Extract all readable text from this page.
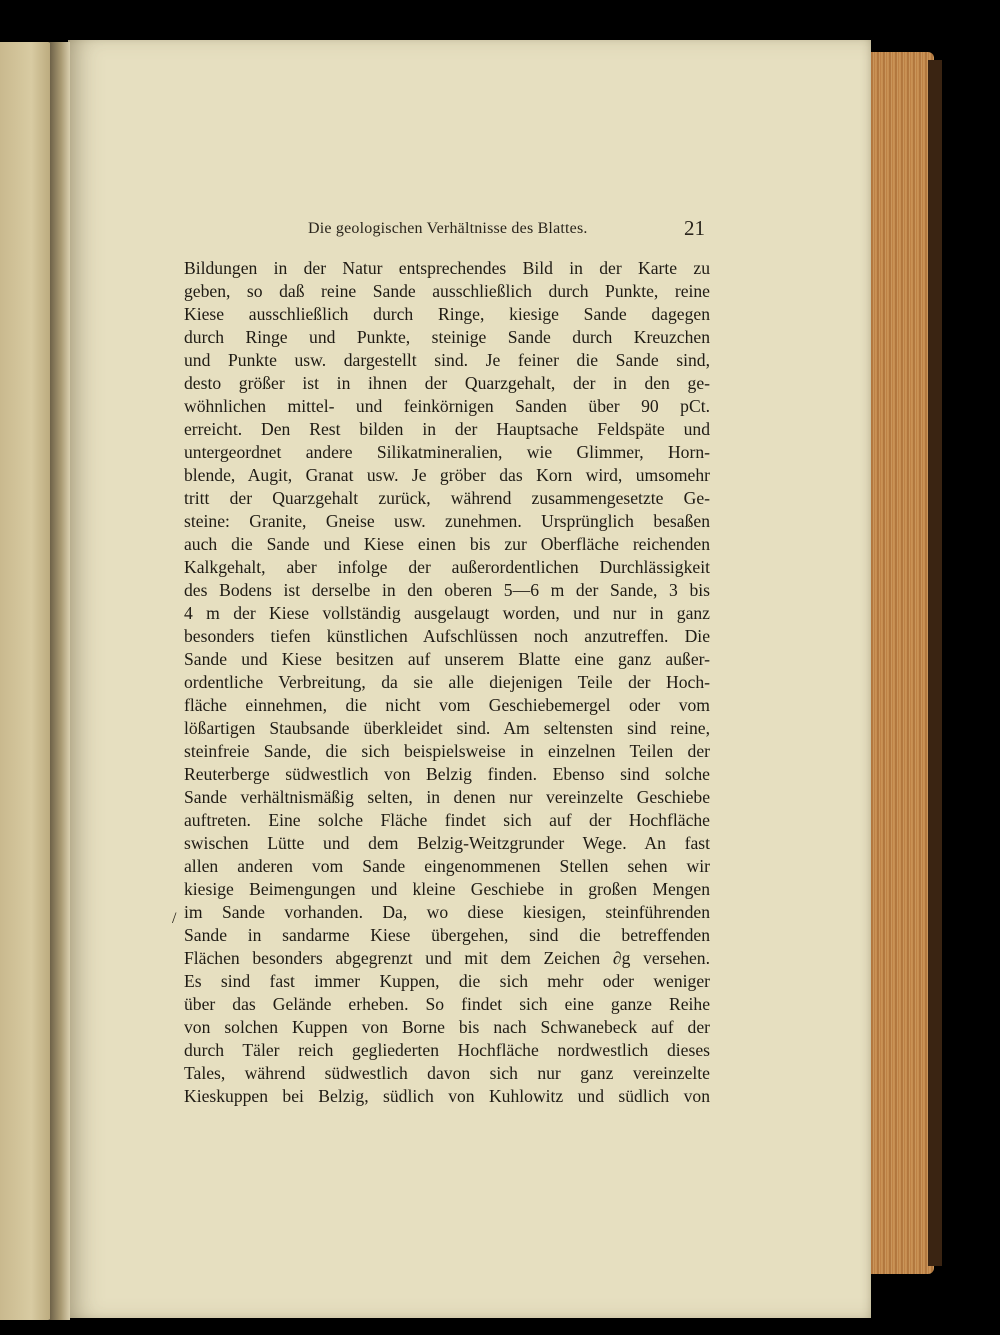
Die geologischen Verhältnisse des Blattes.	21
/
Bildungen in der Natur entsprechendes Bild in der Karte zu
geben, so daß reine Sande ausschließlich durch Punkte, reine
Kiese ausschließlich durch Ringe, kiesige Sande dagegen
durch Ringe und Punkte, steinige Sande durch Kreuzchen
und Punkte usw. dargestellt sind. Je feiner die Sande sind,
desto größer ist in ihnen der Quarzgehalt, der in den ge-
wöhnlichen mittel- und feinkörnigen Sanden über 90 pCt.
erreicht. Den Rest bilden in der Hauptsache Feldspäte und
untergeordnet andere Silikatmineralien, wie Glimmer, Horn-
blende, Augit, Granat usw. Je gröber das Korn wird, umsomehr
tritt der Quarzgehalt zurück, während zusammengesetzte Ge-
steine: Granite, Gneise usw. zunehmen. Ursprünglich besaßen
auch die Sande und Kiese einen bis zur Oberfläche reichenden
Kalkgehalt, aber infolge der außerordentlichen Durchlässigkeit
des Bodens ist derselbe in den oberen 5—6 m der Sande, 3 bis
4 m der Kiese vollständig ausgelaugt worden, und nur in ganz
besonders tiefen künstlichen Aufschlüssen noch anzutreffen. Die
Sande und Kiese besitzen auf unserem Blatte eine ganz außer-
ordentliche Verbreitung, da sie alle diejenigen Teile der Hoch-
fläche einnehmen, die nicht vom Geschiebemergel oder vom
lößartigen Staubsande überkleidet sind. Am seltensten sind reine,
steinfreie Sande, die sich beispielsweise in einzelnen Teilen der
Reuterberge südwestlich von Belzig finden. Ebenso sind solche
Sande verhältnismäßig selten, in denen nur vereinzelte Geschiebe
auftreten. Eine solche Fläche findet sich auf der Hochfläche
swischen Lütte und dem Belzig-Weitzgrunder Wege. An fast
allen anderen vom Sande eingenommenen Stellen sehen wir
kiesige Beimengungen und kleine Geschiebe in großen Mengen
im Sande vorhanden. Da, wo diese kiesigen, steinführenden
Sande in sandarme Kiese übergehen, sind die betreffenden
Flächen besonders abgegrenzt und mit dem Zeichen ∂g versehen.
Es sind fast immer Kuppen, die sich mehr oder weniger
über das Gelände erheben. So findet sich eine ganze Reihe
von solchen Kuppen von Borne bis nach Schwanebeck auf der
durch Täler reich gegliederten Hochfläche nordwestlich dieses
Tales, während südwestlich davon sich nur ganz vereinzelte
Kieskuppen bei Belzig, südlich von Kuhlowitz und südlich von
